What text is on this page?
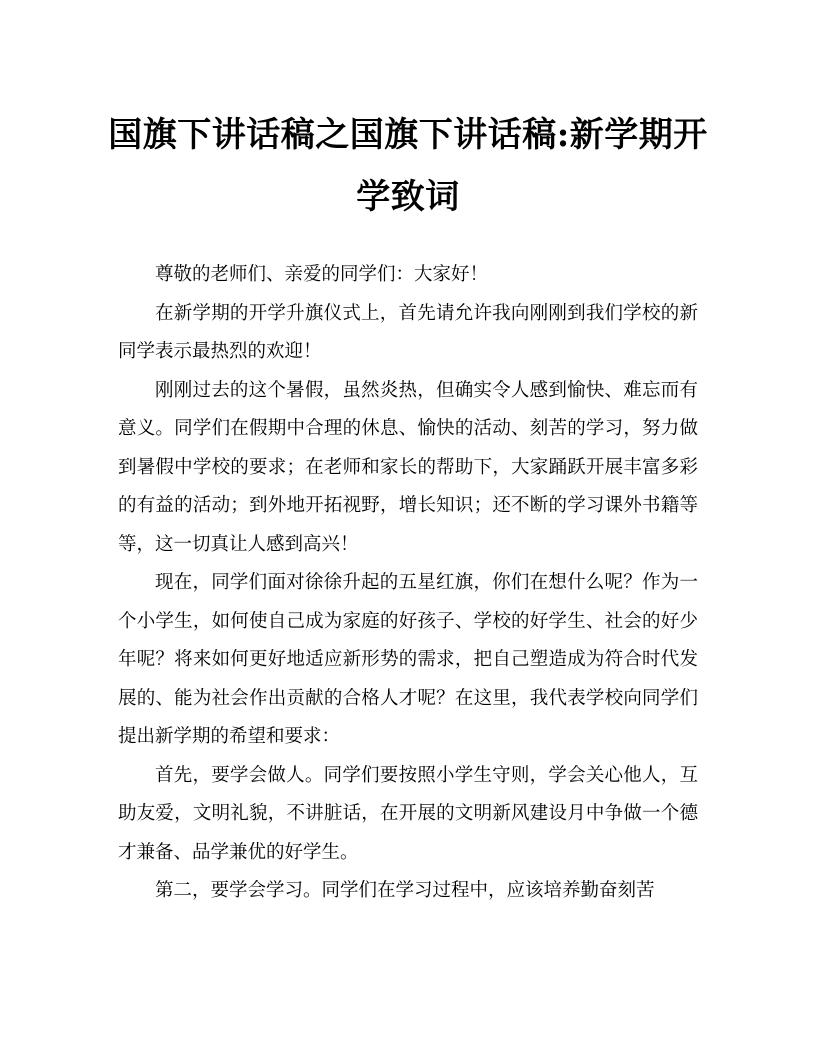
国旗下讲话稿之国旗下讲话稿:新学期开学致词

尊敬的老师们、亲爱的同学们：大家好！

在新学期的开学升旗仪式上，首先请允许我向刚刚到我们学校的新同学表示最热烈的欢迎！

刚刚过去的这个暑假，虽然炎热，但确实令人感到愉快、难忘而有意义。同学们在假期中合理的休息、愉快的活动、刻苦的学习，努力做到暑假中学校的要求；在老师和家长的帮助下，大家踊跃开展丰富多彩的有益的活动；到外地开拓视野，增长知识；还不断的学习课外书籍等等，这一切真让人感到高兴！

现在，同学们面对徐徐升起的五星红旗，你们在想什么呢？作为一个小学生，如何使自己成为家庭的好孩子、学校的好学生、社会的好少年呢？将来如何更好地适应新形势的需求，把自己塑造成为符合时代发展的、能为社会作出贡献的合格人才呢？在这里，我代表学校向同学们提出新学期的希望和要求：

首先，要学会做人。同学们要按照小学生守则，学会关心他人，互助友爱，文明礼貌，不讲脏话，在开展的文明新风建设月中争做一个德才兼备、品学兼优的好学生。

第二，要学会学习。同学们在学习过程中，应该培养勤奋刻苦
